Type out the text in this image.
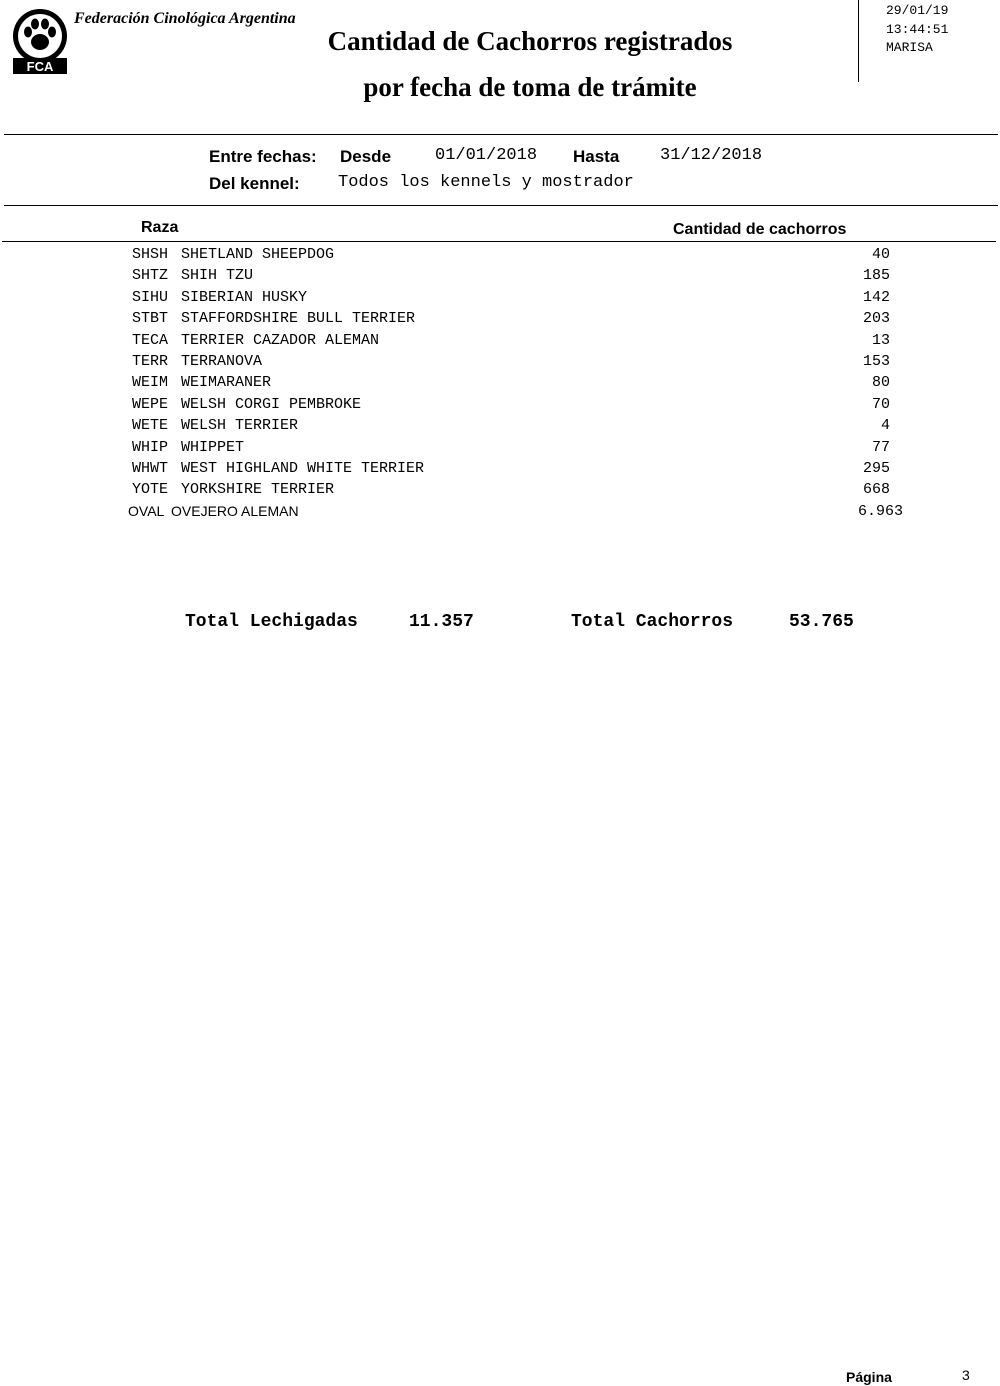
FCA
Federación Cinológica Argentina
Cantidad de Cachorros registrados
por fecha de toma de trámite
29/01/19
13:44:51
MARISA
Entre fechas: Desde	01/01/2018 Hasta 31/12/2018
Del kennel: Todos los kennels y mostrador
Raza	Cantidad de cachorros
SHSH SHETLAND SHEEPDOG	40
SHTZ SHIH TZU	185
SIHU SIBERIAN HUSKY	142
STBT STAFFORDSHIRE BULL TERRIER	203
TECA TERRIER CAZADOR ALEMAN	13
TERR TERRANOVA	153
WEIM WEIMARANER	80
WEPE WELSH CORGI PEMBROKE	70
WETE WELSH TERRIER	4
WHIP WHIPPET	77
WHWT WEST HIGHLAND WHITE TERRIER	295
YOTE YORKSHIRE TERRIER	668
OVAL OVEJERO ALEMAN	6.963
Total Lechigadas	11.357	Total Cachorros	53.765
Página	3
